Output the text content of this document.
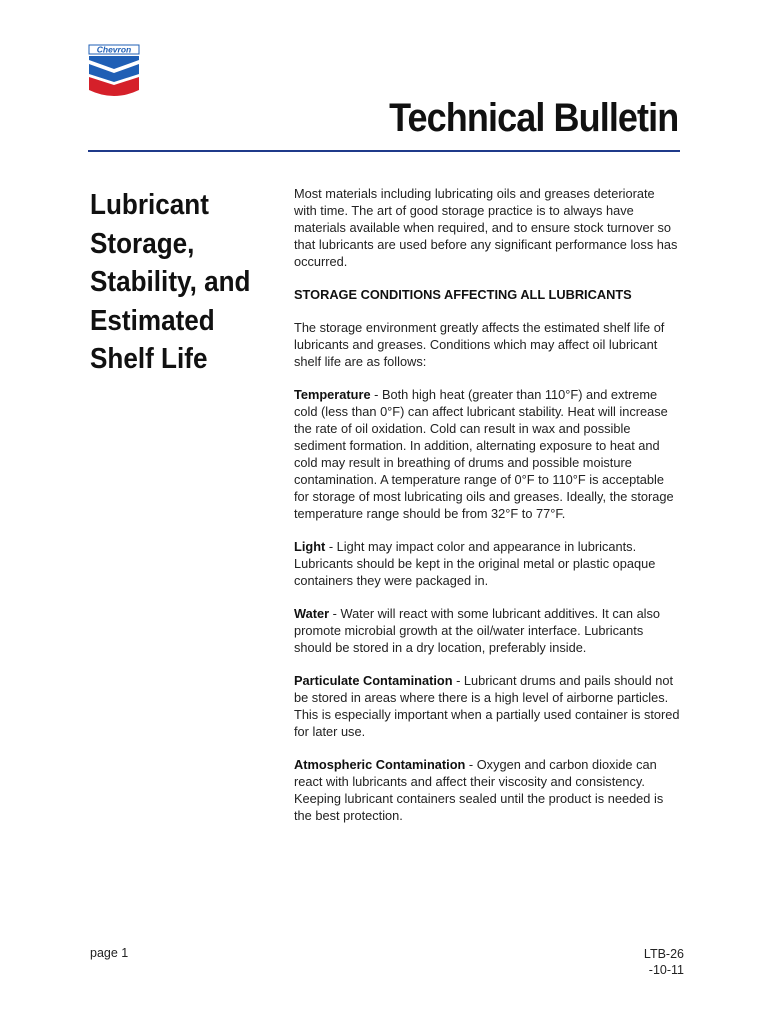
Chevron
Technical Bulletin
Lubricant Storage, Stability, and Estimated Shelf Life

Most materials including lubricating oils and greases deteriorate with time. The art of good storage practice is to always have materials available when required, and to ensure stock turnover so that lubricants are used before any significant performance loss has occurred.

STORAGE CONDITIONS AFFECTING ALL LUBRICANTS

The storage environment greatly affects the estimated shelf life of lubricants and greases. Conditions which may affect oil lubricant shelf life are as follows:

Temperature - Both high heat (greater than 110°F) and extreme cold (less than 0°F) can affect lubricant stability. Heat will increase the rate of oil oxidation. Cold can result in wax and possible sediment formation. In addition, alternating exposure to heat and cold may result in breathing of drums and possible moisture contamination. A temperature range of 0°F to 110°F is acceptable for storage of most lubricating oils and greases. Ideally, the storage temperature range should be from 32°F to 77°F.

Light - Light may impact color and appearance in lubricants. Lubricants should be kept in the original metal or plastic opaque containers they were packaged in.

Water - Water will react with some lubricant additives. It can also promote microbial growth at the oil/water interface. Lubricants should be stored in a dry location, preferably inside.

Particulate Contamination - Lubricant drums and pails should not be stored in areas where there is a high level of airborne particles. This is especially important when a partially used container is stored for later use.

Atmospheric Contamination - Oxygen and carbon dioxide can react with lubricants and affect their viscosity and consistency. Keeping lubricant containers sealed until the product is needed is the best protection.

page 1	LTB-26
-10-11
